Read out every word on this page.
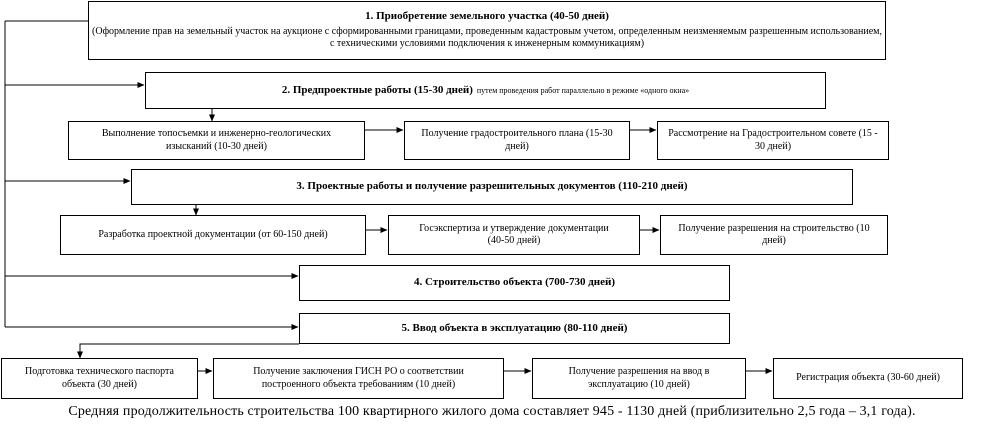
1. Приобретение земельного участка (40-50 дней)
(Оформление прав на земельный участок на аукционе с сформированными границами, проведенным кадастровым учетом, определенным неизменяемым разрешенным использованием, с техническими условиями подключения к инженерным коммуникациям)
2. Предпроектные работы (15-30 дней) путем проведения работ параллельно в режиме «одного окна»
Выполнение топосъемки и инженерно-геологических изысканий (10-30 дней)
Получение градостроительного плана (15-30 дней)
Рассмотрение на Градостроительном совете (15 - 30 дней)
3. Проектные работы и получение разрешительных документов (110-210 дней)
Разработка проектной документации (от 60-150 дней)
Госэкспертиза и утверждение документации (40-50 дней)
Получение разрешения на строительство (10 дней)
4. Строительство объекта (700-730 дней)
5. Ввод объекта в эксплуатацию (80-110 дней)
Подготовка технического паспорта объекта (30 дней)
Получение заключения ГИСН РО о соответствии построенного объекта требованиям (10 дней)
Получение разрешения на ввод в эксплуатацию (10 дней)
Регистрация объекта (30-60 дней)
Средняя продолжительность строительства 100 квартирного жилого дома составляет 945 - 1130 дней (приблизительно 2,5 года – 3,1 года).
